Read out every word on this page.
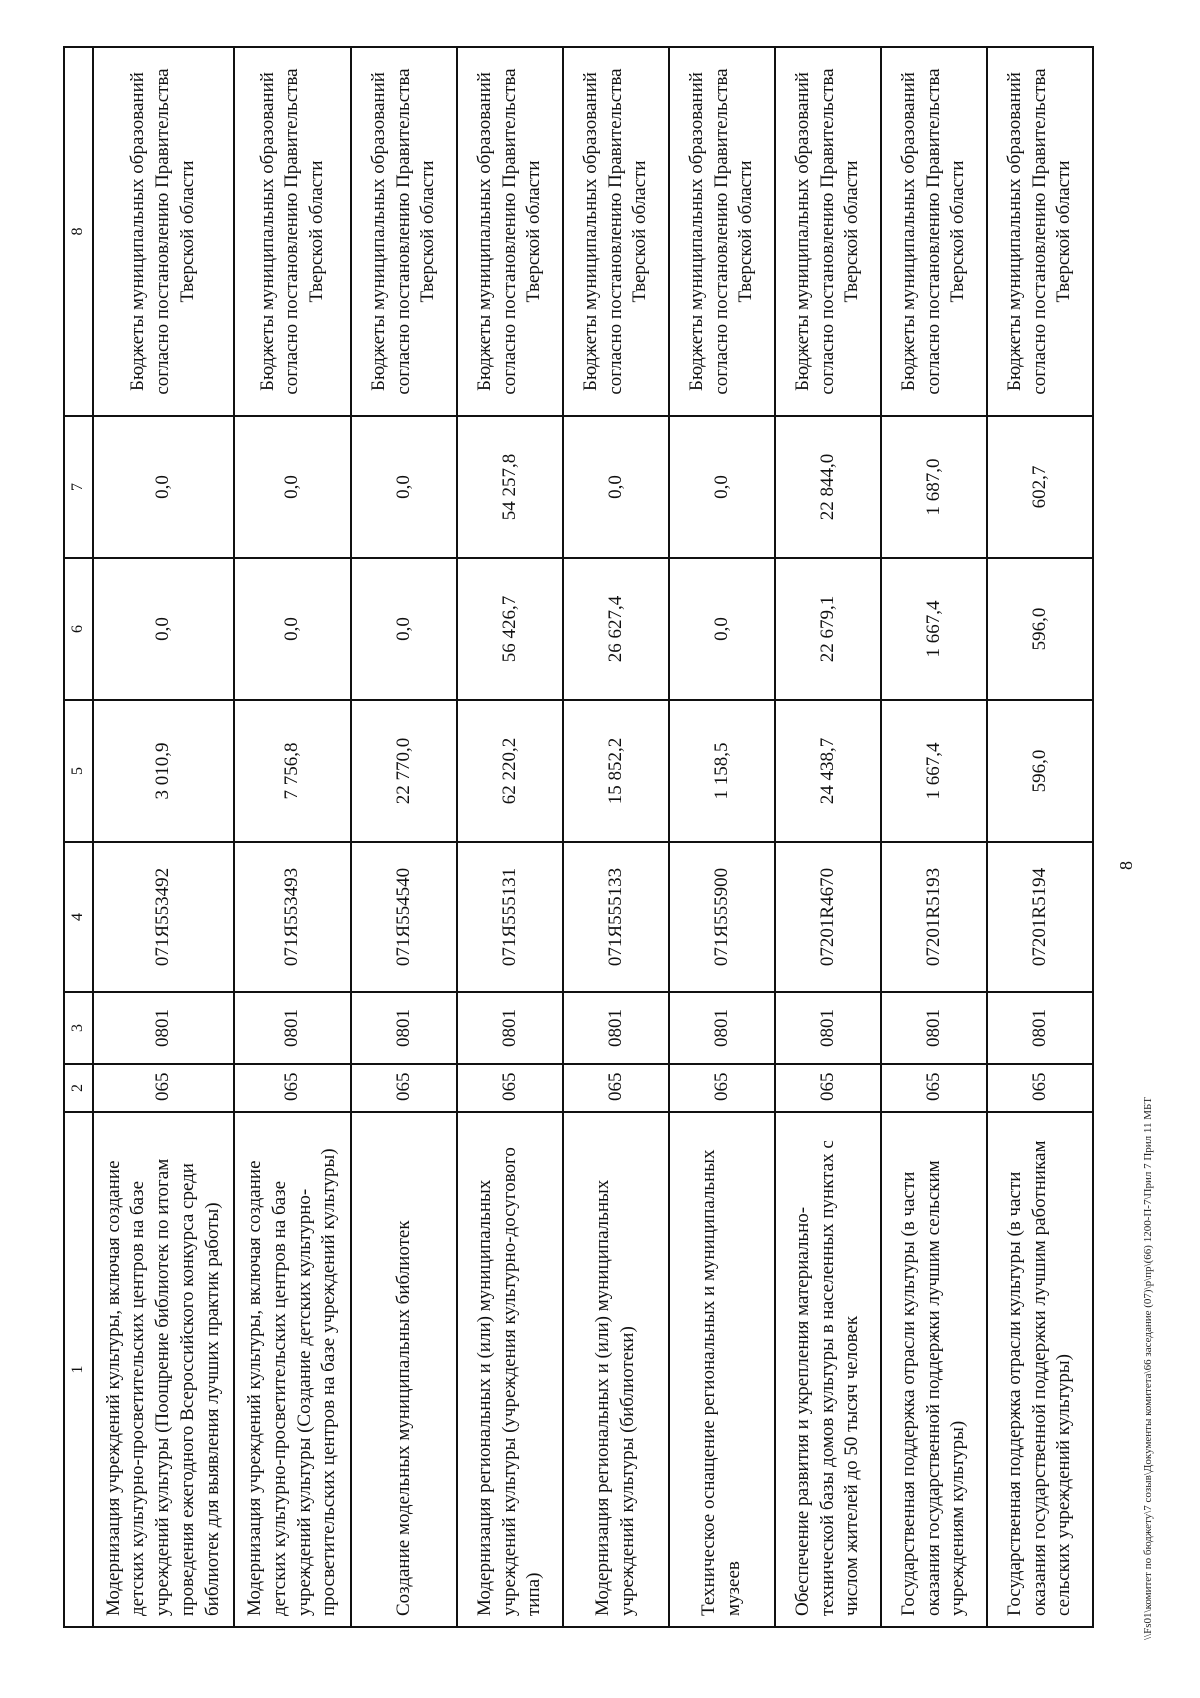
1	2	3	4	5	6	7	8
Модернизация учреждений культуры, включая создание детских культурно-просветительских центров на базе учреждений культуры (Поощрение библиотек по итогам проведения ежегодного Всероссийского конкурса среди библиотек для выявления лучших практик работы)	065	0801	071Я553492	3 010,9	0,0	0,0	Бюджеты муниципальных образований согласно постановлению Правительства Тверской области
Модернизация учреждений культуры, включая создание детских культурно-просветительских центров на базе учреждений культуры (Создание детских культурно-просветительских центров на базе учреждений культуры)	065	0801	071Я553493	7 756,8	0,0	0,0	Бюджеты муниципальных образований согласно постановлению Правительства Тверской области
Создание модельных муниципальных библиотек	065	0801	071Я554540	22 770,0	0,0	0,0	Бюджеты муниципальных образований согласно постановлению Правительства Тверской области
Модернизация региональных и (или) муниципальных учреждений культуры (учреждения культурно-досугового типа)	065	0801	071Я555131	62 220,2	56 426,7	54 257,8	Бюджеты муниципальных образований согласно постановлению Правительства Тверской области
Модернизация региональных и (или) муниципальных учреждений культуры (библиотеки)	065	0801	071Я555133	15 852,2	26 627,4	0,0	Бюджеты муниципальных образований согласно постановлению Правительства Тверской области
Техническое оснащение региональных и муниципальных музеев	065	0801	071Я555900	1 158,5	0,0	0,0	Бюджеты муниципальных образований согласно постановлению Правительства Тверской области
Обеспечение развития и укрепления материально-технической базы домов культуры в населенных пунктах с числом жителей до 50 тысяч человек	065	0801	07201R4670	24 438,7	22 679,1	22 844,0	Бюджеты муниципальных образований согласно постановлению Правительства Тверской области
Государственная поддержка отрасли культуры (в части оказания государственной поддержки лучшим сельским учреждениям культуры)	065	0801	07201R5193	1 667,4	1 667,4	1 687,0	Бюджеты муниципальных образований согласно постановлению Правительства Тверской области
Государственная поддержка отрасли культуры (в части оказания государственной поддержки лучшим работникам сельских учреждений культуры)	065	0801	07201R5194	596,0	596,0	602,7	Бюджеты муниципальных образований согласно постановлению Правительства Тверской области
8
\\Fs01\комитет по бюджету\7 созыв\Документы комитета\66 заседание (07)\p\пр\(66) 1200-П-7\Прил 7 Прил 11 МБТ
